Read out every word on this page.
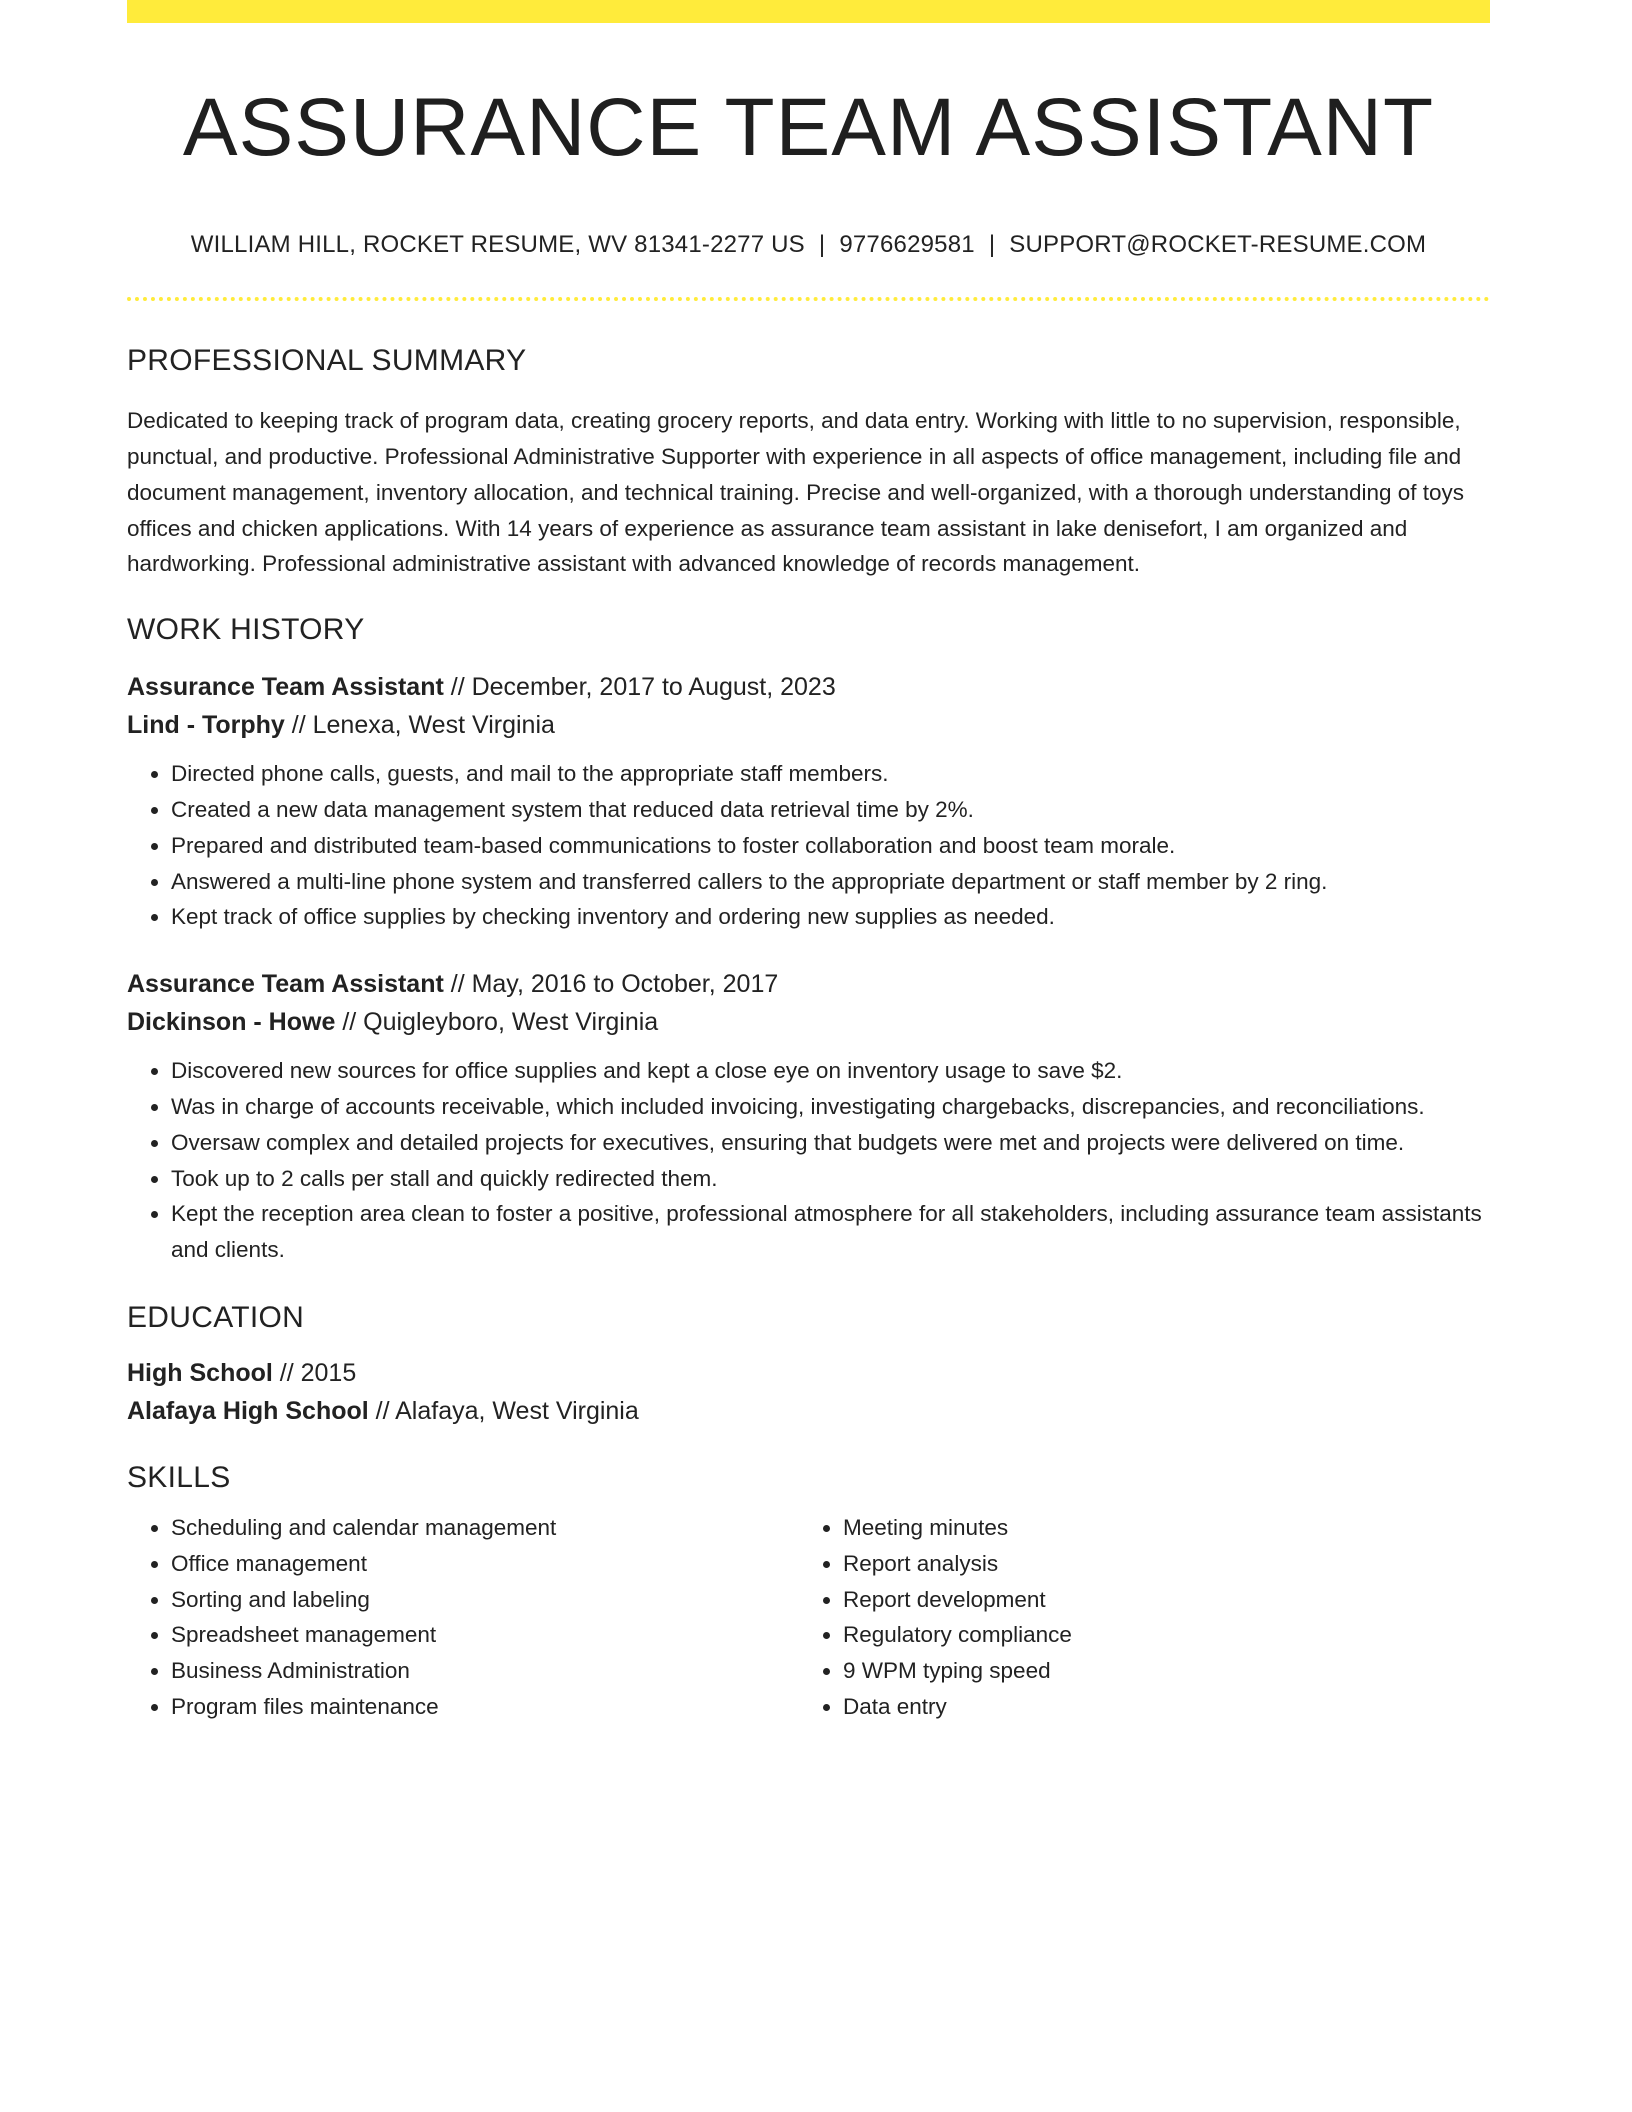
ASSURANCE TEAM ASSISTANT
WILLIAM HILL, ROCKET RESUME, WV 81341-2277 US | 9776629581 | SUPPORT@ROCKET-RESUME.COM
PROFESSIONAL SUMMARY

Dedicated to keeping track of program data, creating grocery reports, and data entry. Working with little to no supervision, responsible, punctual, and productive. Professional Administrative Supporter with experience in all aspects of office management, including file and document management, inventory allocation, and technical training. Precise and well-organized, with a thorough understanding of toys offices and chicken applications. With 14 years of experience as assurance team assistant in lake denisefort, I am organized and hardworking. Professional administrative assistant with advanced knowledge of records management.

WORK HISTORY
Assurance Team Assistant // December, 2017 to August, 2023
Lind - Torphy // Lenexa, West Virginia
• Directed phone calls, guests, and mail to the appropriate staff members.
• Created a new data management system that reduced data retrieval time by 2%.
• Prepared and distributed team-based communications to foster collaboration and boost team morale.
• Answered a multi-line phone system and transferred callers to the appropriate department or staff member by 2 ring.
• Kept track of office supplies by checking inventory and ordering new supplies as needed.
Assurance Team Assistant // May, 2016 to October, 2017
Dickinson - Howe // Quigleyboro, West Virginia
• Discovered new sources for office supplies and kept a close eye on inventory usage to save $2.
• Was in charge of accounts receivable, which included invoicing, investigating chargebacks, discrepancies, and reconciliations.
• Oversaw complex and detailed projects for executives, ensuring that budgets were met and projects were delivered on time.
• Took up to 2 calls per stall and quickly redirected them.
• Kept the reception area clean to foster a positive, professional atmosphere for all stakeholders, including assurance team assistants and clients.
EDUCATION
High School // 2015
Alafaya High School // Alafaya, West Virginia
SKILLS
• Scheduling and calendar management
• Office management
• Sorting and labeling
• Spreadsheet management
• Business Administration
• Program files maintenance
• Meeting minutes
• Report analysis
• Report development
• Regulatory compliance
• 9 WPM typing speed
• Data entry
